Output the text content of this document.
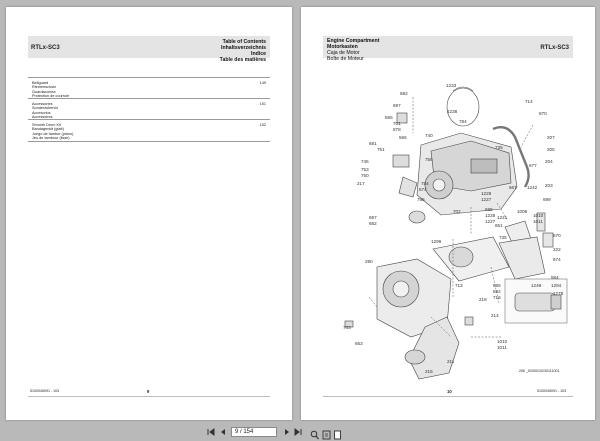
RTLx-SC3
Table of Contents
Inhaltsverzeichnis
Indice
Table des matières
Beltguard
Riemenschutz
Guardacorrea
Protection de courroie
149
Accessories
Sonderzubehör
Accesorios
Accessoires
151
Smooth Drum Kit
Bandagenkit (glatt)
Juego de tambor (plano)
Jeu de tambour (lisse)
152
5100045091 - 103	9
Engine Compartment
Motorkasten
Caja de Motor
Boîte de Moteur
RTLx-SC3
1233
682
714
1238	870
555
697
701
878
784
566	740
735
207
681
751	205
745
753
756	204
750
677
217	754
667
574
755
1242 203
1228
1227
697
682
685
1228
1227
702
1221
699
1006
1010
1011
651
670
1299
735
222
674
290
584
713	685
682
716
1249 1294
1278
218
214
703
663	1010
1011
211
215	206 _5200019230111001
10	5100045091 - 103
9 / 154
